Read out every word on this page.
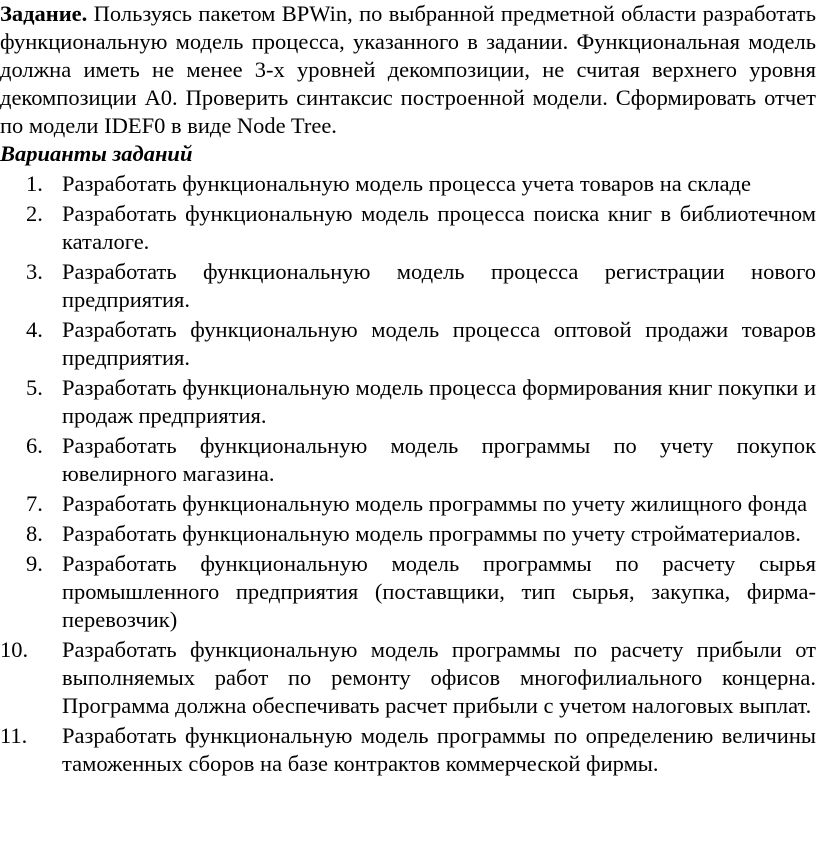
Задание. Пользуясь пакетом BPWin, по выбранной предметной области разработать функциональную модель процесса, указанного в задании. Функциональная модель должна иметь не менее 3-х уровней декомпозиции, не считая верхнего уровня декомпозиции A0. Проверить синтаксис построенной модели. Сформировать отчет по модели IDEF0 в виде Node Tree.

Варианты заданий

1. Разработать функциональную модель процесса учета товаров на складе
2. Разработать функциональную модель процесса поиска книг в библиотечном каталоге.
3. Разработать функциональную модель процесса регистрации нового предприятия.
4. Разработать функциональную модель процесса оптовой продажи товаров предприятия.
5. Разработать функциональную модель процесса формирования книг покупки и продаж предприятия.
6. Разработать функциональную модель программы по учету покупок ювелирного магазина.
7. Разработать функциональную модель программы по учету жилищного фонда
8. Разработать функциональную модель программы по учету стройматериалов.
9. Разработать функциональную модель программы по расчету сырья промышленного предприятия (поставщики, тип сырья, закупка, фирма-перевозчик)
10. Разработать функциональную модель программы по расчету прибыли от выполняемых работ по ремонту офисов многофилиального концерна. Программа должна обеспечивать расчет прибыли с учетом налоговых выплат.
11. Разработать функциональную модель программы по определению величины таможенных сборов на базе контрактов коммерческой фирмы.
